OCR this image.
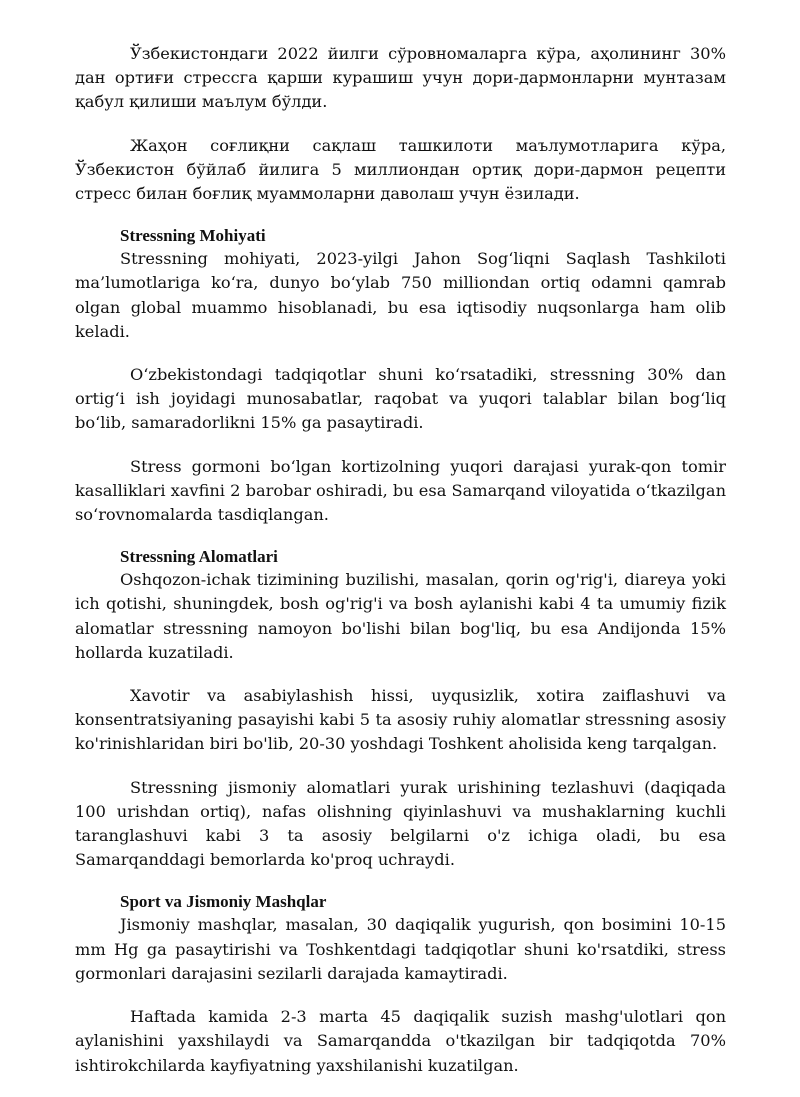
Ўзбекистондаги 2022 йилги сўровномаларга кўра, аҳолининг 30% дан ортиғи стрессга қарши курашиш учун дори-дармонларни мунтазам қабул қилиши маълум бўлди.

Жаҳон соғлиқни сақлаш ташкилоти маълумотларига кўра, Ўзбекистон бўйлаб йилига 5 миллиондан ортиқ дори-дармон рецепти стресс билан боғлиқ муаммоларни даволаш учун ёзилади.

Stressning Mohiyati

Stressning mohiyati, 2023-yilgi Jahon Sog‘liqni Saqlash Tashkiloti ma’lumotlariga ko‘ra, dunyo bo‘ylab 750 milliondan ortiq odamni qamrab olgan global muammo hisoblanadi, bu esa iqtisodiy nuqsonlarga ham olib keladi.

O‘zbekistondagi tadqiqotlar shuni ko‘rsatadiki, stressning 30% dan ortig‘i ish joyidagi munosabatlar, raqobat va yuqori talablar bilan bog‘liq bo‘lib, samaradorlikni 15% ga pasaytiradi.

Stress gormoni bo‘lgan kortizolning yuqori darajasi yurak-qon tomir kasalliklari xavfini 2 barobar oshiradi, bu esa Samarqand viloyatida o‘tkazilgan so‘rovnomalarda tasdiqlangan.

Stressning Alomatlari

Oshqozon-ichak tizimining buzilishi, masalan, qorin og'rig'i, diareya yoki ich qotishi, shuningdek, bosh og'rig'i va bosh aylanishi kabi 4 ta umumiy fizik alomatlar stressning namoyon bo'lishi bilan bog'liq, bu esa Andijonda 15% hollarda kuzatiladi.

Xavotir va asabiylashish hissi, uyqusizlik, xotira zaiflashuvi va konsentratsiyaning pasayishi kabi 5 ta asosiy ruhiy alomatlar stressning asosiy ko'rinishlaridan biri bo'lib, 20-30 yoshdagi Toshkent aholisida keng tarqalgan.

Stressning jismoniy alomatlari yurak urishining tezlashuvi (daqiqada 100 urishdan ortiq), nafas olishning qiyinlashuvi va mushaklarning kuchli taranglashuvi kabi 3 ta asosiy belgilarni o'z ichiga oladi, bu esa Samarqanddagi bemorlarda ko'proq uchraydi.

Sport va Jismoniy Mashqlar

Jismoniy mashqlar, masalan, 30 daqiqalik yugurish, qon bosimini 10-15 mm Hg ga pasaytirishi va Toshkentdagi tadqiqotlar shuni ko'rsatdiki, stress gormonlari darajasini sezilarli darajada kamaytiradi.

Haftada kamida 2-3 marta 45 daqiqalik suzish mashg'ulotlari qon aylanishini yaxshilaydi va Samarqandda o'tkazilgan bir tadqiqotda 70% ishtirokchilarda kayfiyatning yaxshilanishi kuzatilgan.
